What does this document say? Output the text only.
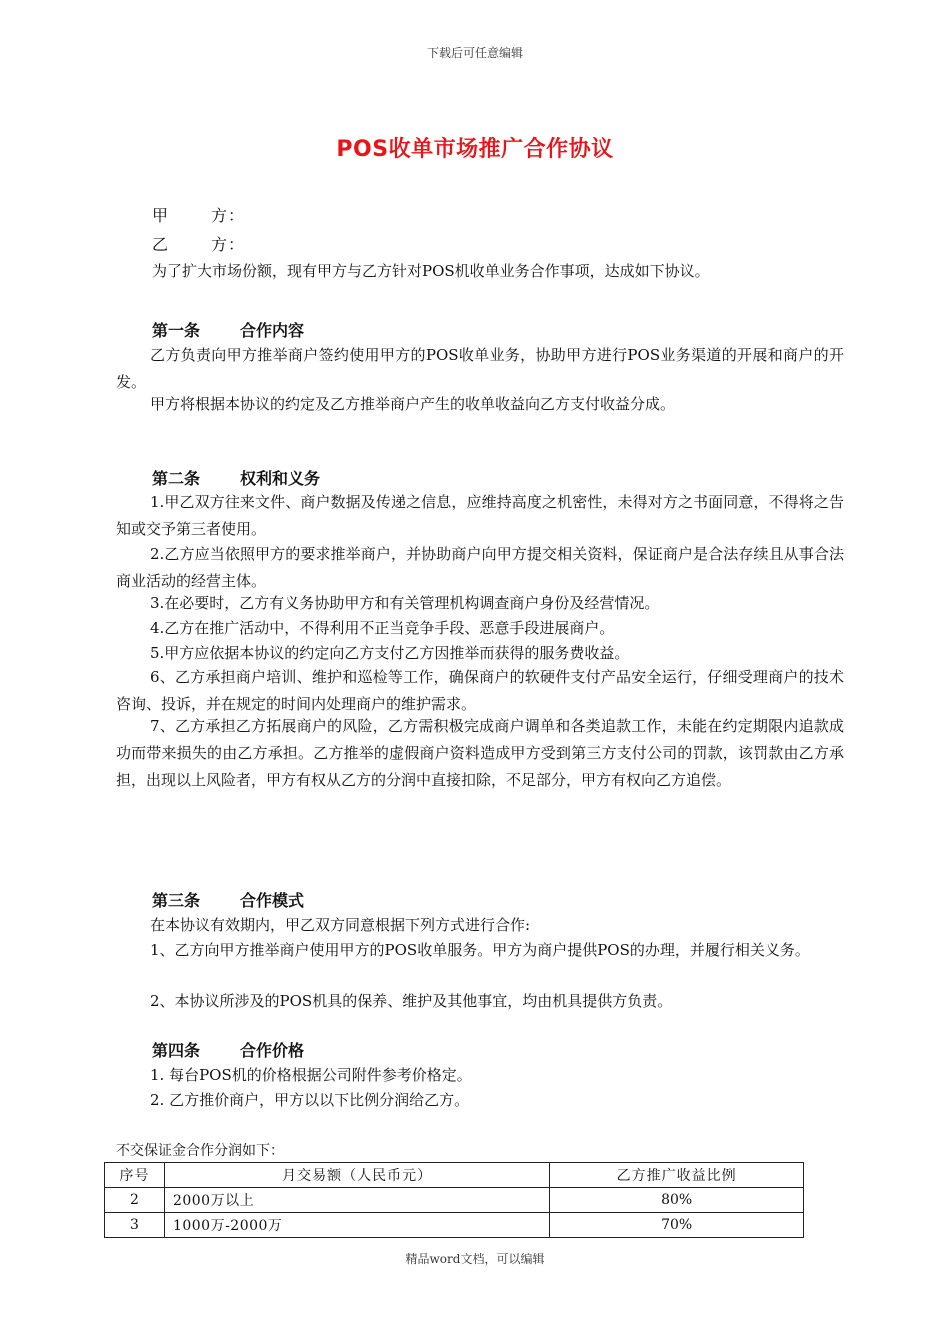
下载后可任意编辑
POS收单市场推广合作协议
甲	方：
乙	方：
为了扩大市场份额，现有甲方与乙方针对POS机收单业务合作事项，达成如下协议。
第一条 合作内容
乙方负责向甲方推举商户签约使用甲方的POS收单业务，协助甲方进行POS业务渠道的开展和商户的开发。
甲方将根据本协议的约定及乙方推举商户产生的收单收益向乙方支付收益分成。
第二条 权利和义务
1.甲乙双方往来文件、商户数据及传递之信息，应维持高度之机密性，未得对方之书面同意，不得将之告知或交予第三者使用。
2.乙方应当依照甲方的要求推举商户，并协助商户向甲方提交相关资料，保证商户是合法存续且从事合法商业活动的经营主体。
3.在必要时，乙方有义务协助甲方和有关管理机构调查商户身份及经营情况。
4.乙方在推广活动中，不得利用不正当竞争手段、恶意手段进展商户。
5.甲方应依据本协议的约定向乙方支付乙方因推举而获得的服务费收益。
6、乙方承担商户培训、维护和巡检等工作，确保商户的软硬件支付产品安全运行，仔细受理商户的技术咨询、投诉，并在规定的时间内处理商户的维护需求。
7、乙方承担乙方拓展商户的风险，乙方需积极完成商户调单和各类追款工作，未能在约定期限内追款成功而带来损失的由乙方承担。乙方推举的虚假商户资料造成甲方受到第三方支付公司的罚款，该罚款由乙方承担，出现以上风险者，甲方有权从乙方的分润中直接扣除，不足部分，甲方有权向乙方追偿。
第三条 合作模式
在本协议有效期内，甲乙双方同意根据下列方式进行合作:
1、乙方向甲方推举商户使用甲方的POS收单服务。甲方为商户提供POS的办理，并履行相关义务。
2、本协议所涉及的POS机具的保养、维护及其他事宜，均由机具提供方负责。
第四条 合作价格
1. 每台POS机的价格根据公司附件参考价格定。
2. 乙方推价商户，甲方以以下比例分润给乙方。
不交保证金合作分润如下：
序号	月交易额（人民币元）	乙方推广收益比例
2	2000万以上	80%
3	1000万-2000万	70%
精品word文档，可以编辑
